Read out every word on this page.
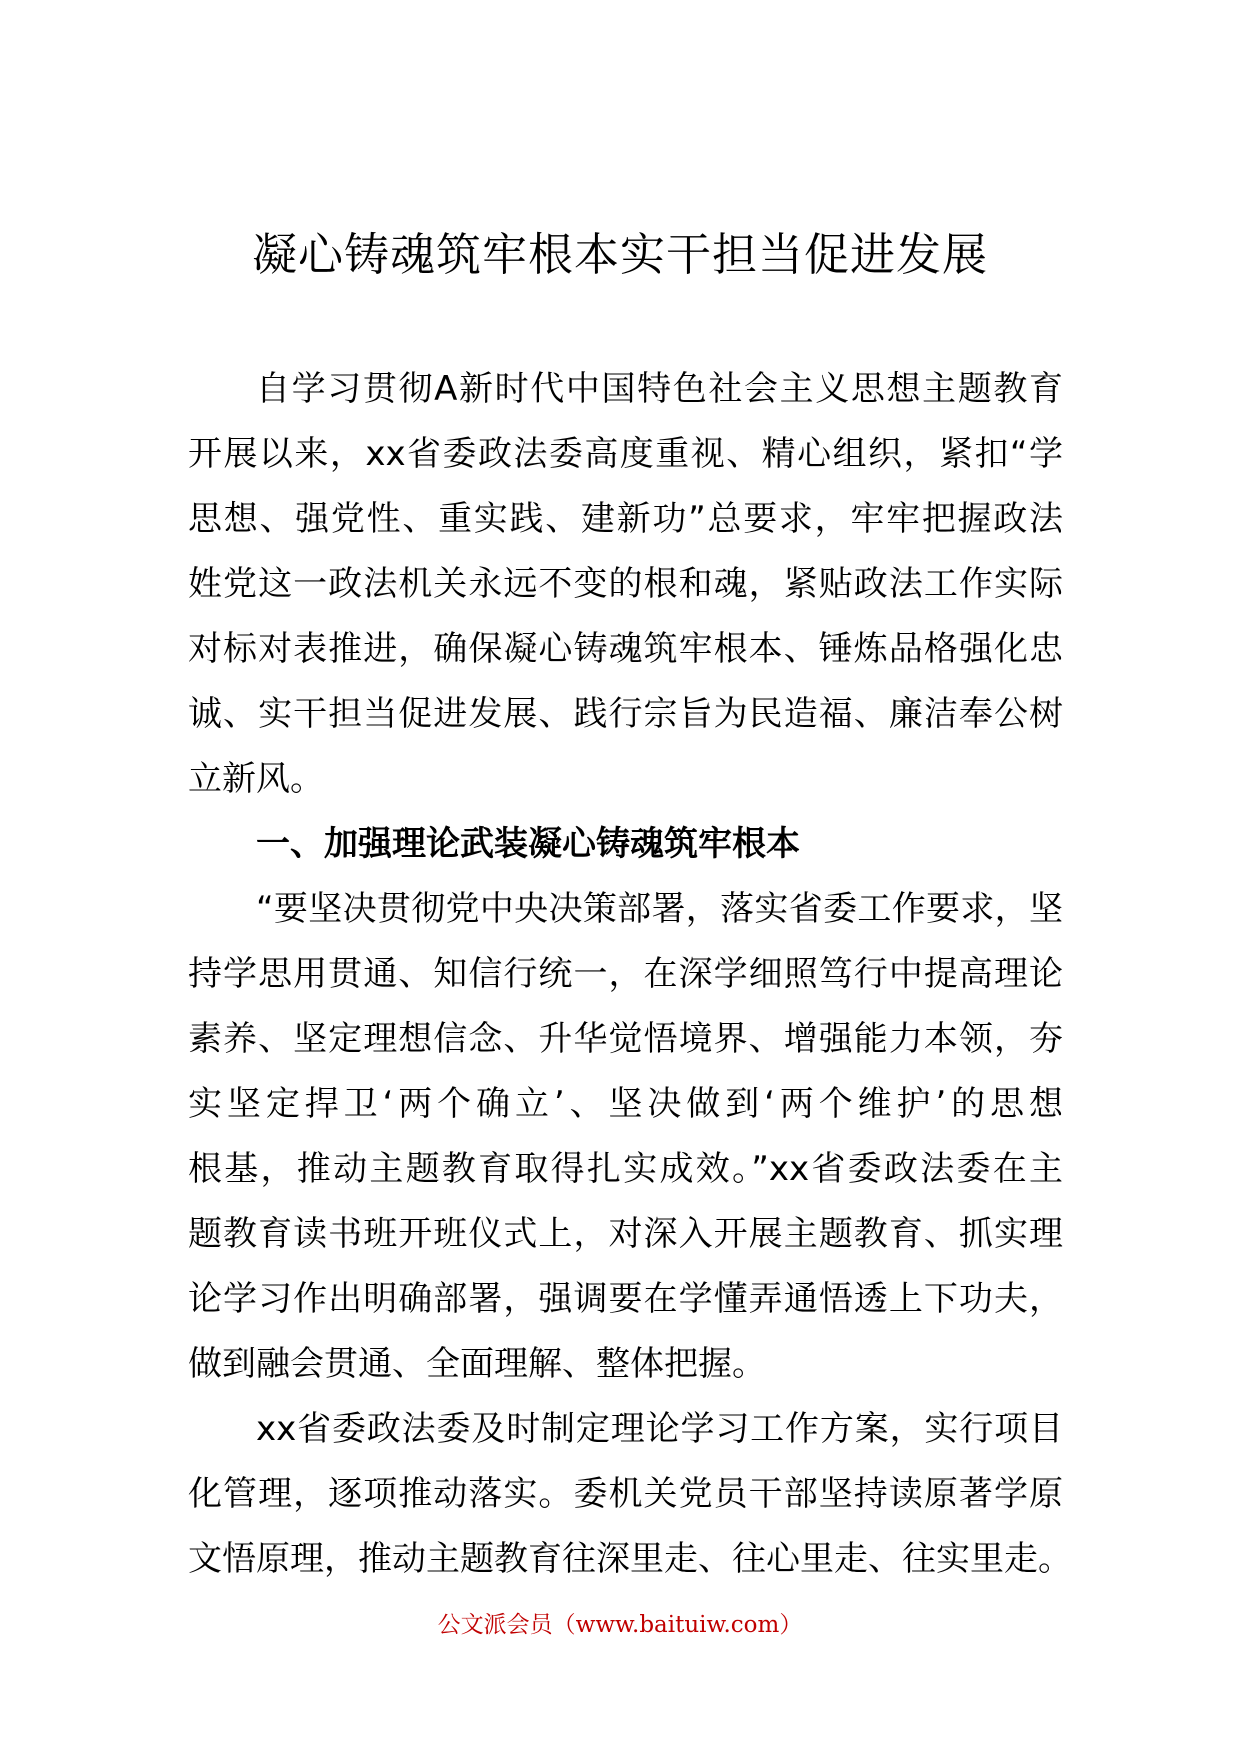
凝心铸魂筑牢根本实干担当促进发展
自学习贯彻A新时代中国特色社会主义思想主题教育
开展以来，xx省委政法委高度重视、精心组织，紧扣“学
思想、强党性、重实践、建新功”总要求，牢牢把握政法
姓党这一政法机关永远不变的根和魂，紧贴政法工作实际
对标对表推进，确保凝心铸魂筑牢根本、锤炼品格强化忠
诚、实干担当促进发展、践行宗旨为民造福、廉洁奉公树
立新风。
一、加强理论武装凝心铸魂筑牢根本
“要坚决贯彻党中央决策部署，落实省委工作要求，坚
持学思用贯通、知信行统一，在深学细照笃行中提高理论
素养、坚定理想信念、升华觉悟境界、增强能力本领，夯
实坚定捍卫‘两个确立’、坚决做到‘两个维护’的思想
根基，推动主题教育取得扎实成效。”xx省委政法委在主
题教育读书班开班仪式上，对深入开展主题教育、抓实理
论学习作出明确部署，强调要在学懂弄通悟透上下功夫，
做到融会贯通、全面理解、整体把握。
xx省委政法委及时制定理论学习工作方案，实行项目
化管理，逐项推动落实。委机关党员干部坚持读原著学原
文悟原理，推动主题教育往深里走、往心里走、往实里走。
公文派会员（www.baituiw.com）
